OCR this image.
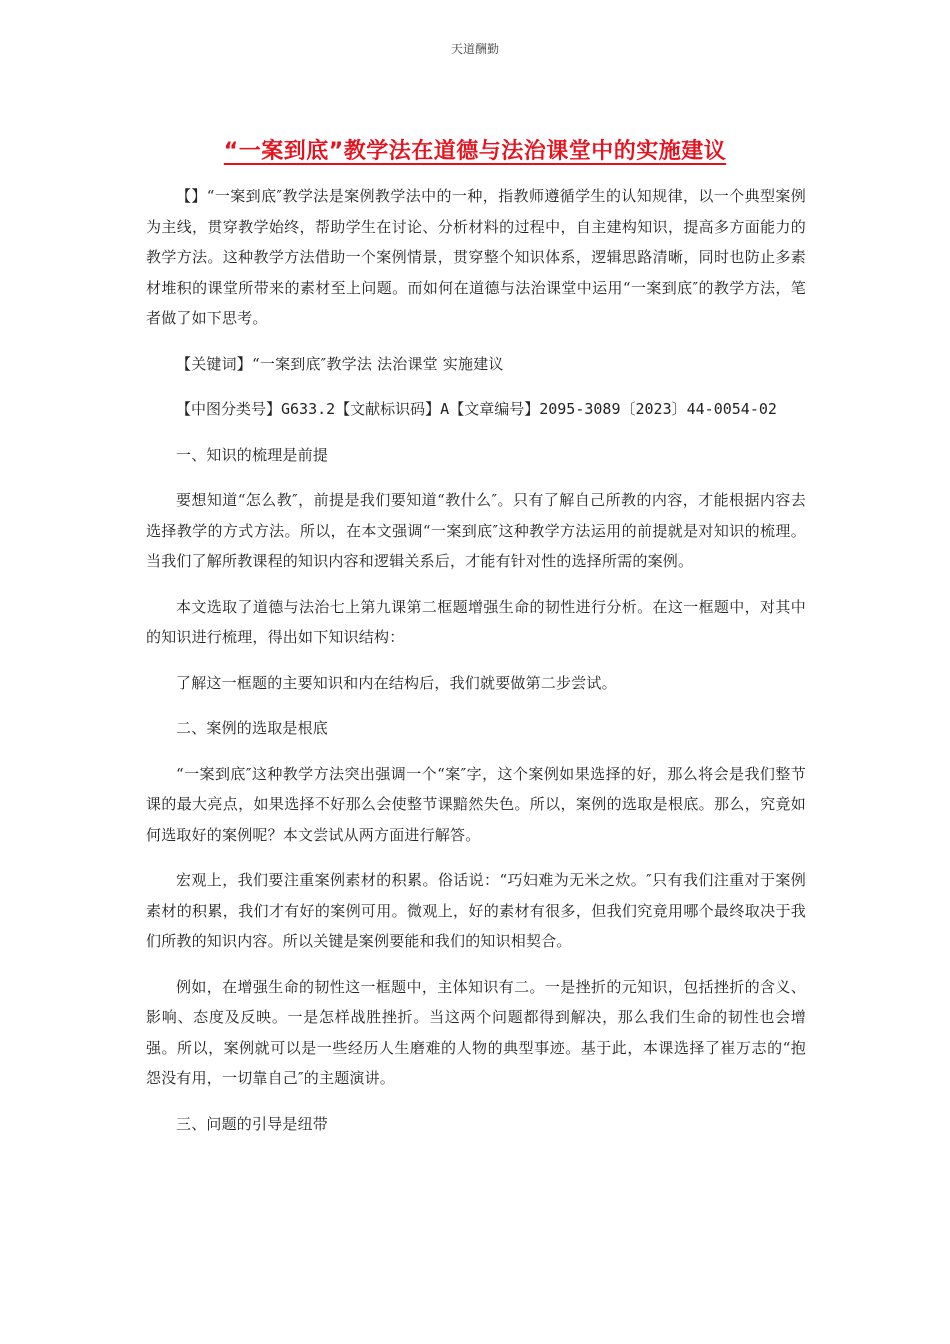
天道酬勤
“一案到底”教学法在道德与法治课堂中的实施建议

【】“一案到底″教学法是案例教学法中的一种，指教师遵循学生的认知规律，以一个典型案例为主线，贯穿教学始终，帮助学生在讨论、分析材料的过程中，自主建构知识，提高多方面能力的教学方法。这种教学方法借助一个案例情景，贯穿整个知识体系，逻辑思路清晰，同时也防止多素材堆积的课堂所带来的素材至上问题。而如何在道德与法治课堂中运用“一案到底″的教学方法，笔者做了如下思考。

【关键词】“一案到底″教学法 法治课堂 实施建议

【中图分类号】G633.2【文献标识码】A【文章编号】2095-3089〔2023〕44-0054-02

一、知识的梳理是前提

要想知道“怎么教″，前提是我们要知道“教什么″。只有了解自己所教的内容，才能根据内容去选择教学的方式方法。所以，在本文强调“一案到底″这种教学方法运用的前提就是对知识的梳理。当我们了解所教课程的知识内容和逻辑关系后，才能有针对性的选择所需的案例。

本文选取了道德与法治七上第九课第二框题增强生命的韧性进行分析。在这一框题中，对其中的知识进行梳理，得出如下知识结构：

了解这一框题的主要知识和内在结构后，我们就要做第二步尝试。

二、案例的选取是根底

“一案到底″这种教学方法突出强调一个“案″字，这个案例如果选择的好，那么将会是我们整节课的最大亮点，如果选择不好那么会使整节课黯然失色。所以，案例的选取是根底。那么，究竟如何选取好的案例呢？本文尝试从两方面进行解答。

宏观上，我们要注重案例素材的积累。俗话说：“巧妇难为无米之炊。″只有我们注重对于案例素材的积累，我们才有好的案例可用。微观上，好的素材有很多，但我们究竟用哪个最终取决于我们所教的知识内容。所以关键是案例要能和我们的知识相契合。

例如，在增强生命的韧性这一框题中，主体知识有二。一是挫折的元知识，包括挫折的含义、影响、态度及反映。一是怎样战胜挫折。当这两个问题都得到解决，那么我们生命的韧性也会增强。所以，案例就可以是一些经历人生磨难的人物的典型事迹。基于此，本课选择了崔万志的“抱怨没有用，一切靠自己″的主题演讲。

三、问题的引导是纽带
